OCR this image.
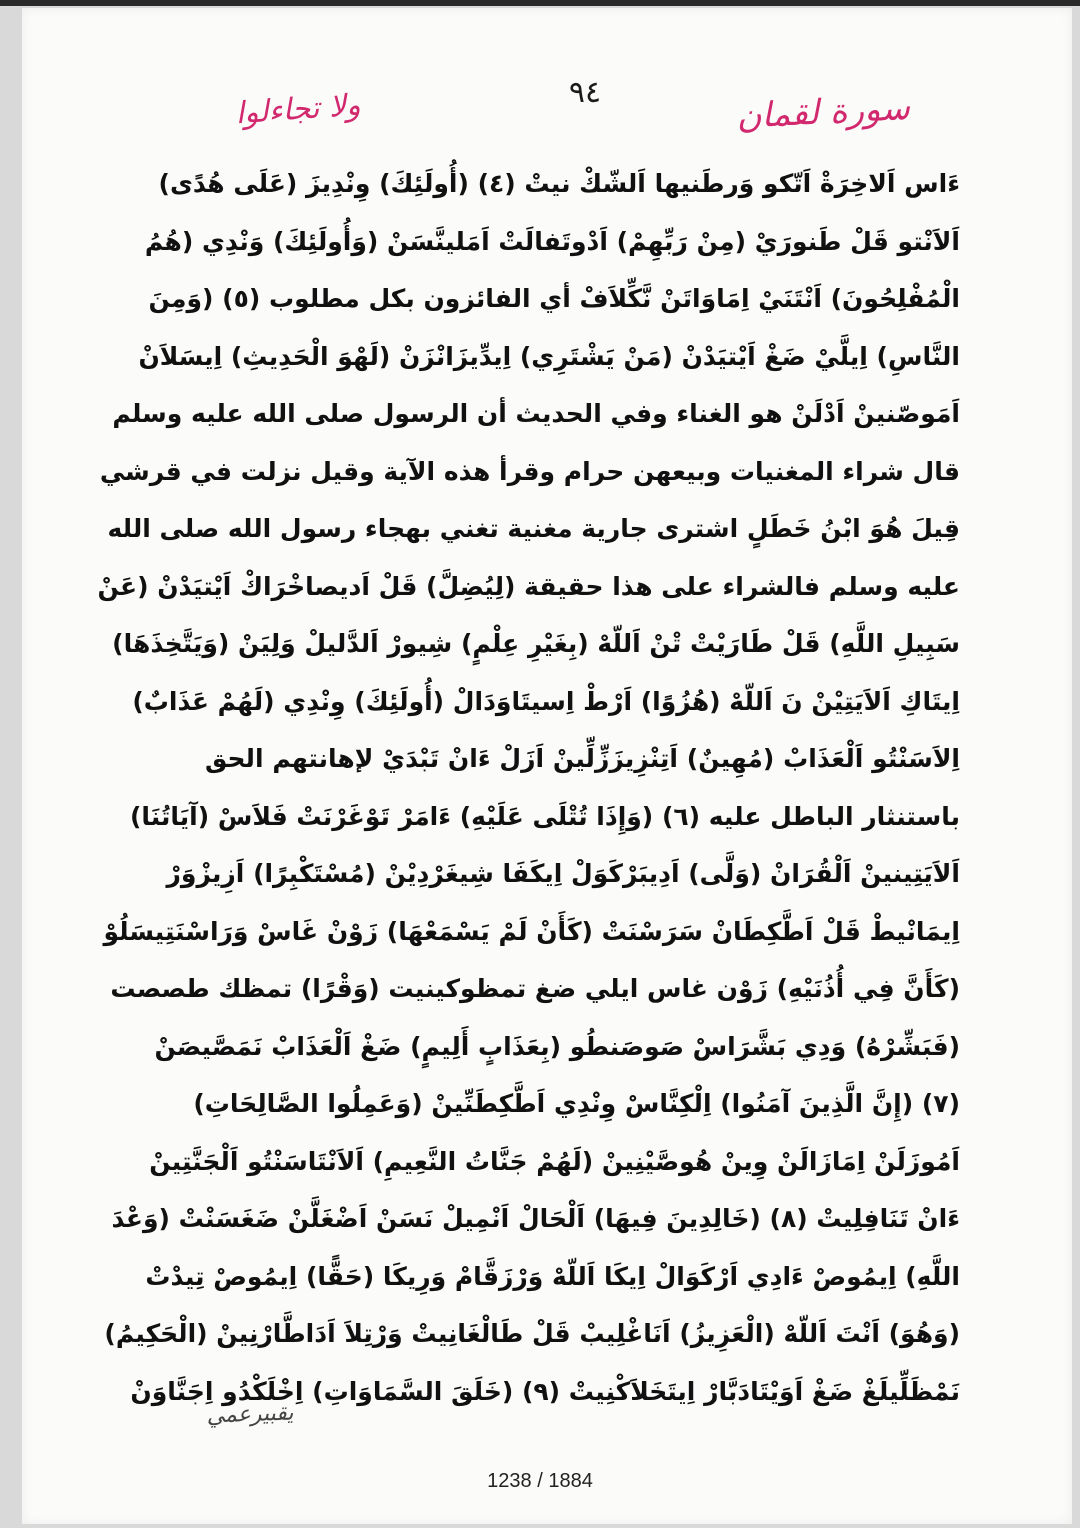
٩٤	سورة لقمان
ولا تجاءلوا
ءَاس اَلاخِرَةْ اَتّكو وَرطَنيها اَلشّكْ نيتْ (٤) (أُولَئِكَ) وِنْدِيزَ (عَلَى هُدًى)
اَلاَنْتو قَلْ طَنورَيْ (مِنْ رَبِّهِمْ) اَدْوتَفالَتْ اَمَلينَّسَنْ (وَأُولَئِكَ) وَنْدِي (هُمُ
الْمُفْلِحُونَ) اَنْتَنَيْ اِمَاوَاتَنْ نَّكِّلاَفْ أي الفائزون بكل مطلوب (٥) (وَمِنَ
النَّاسِ) اِيلَّيْ ضَغْ اَيْتيَدْنْ (مَنْ يَشْتَرِي) اِيدِّيزَانْزَنْ (لَهْوَ الْحَدِيثِ) اِيسَلاَنْ
اَمَوصّنينْ اَدْلَنْ هو الغناء وفي الحديث أن الرسول صلى الله عليه وسلم
قال شراء المغنيات وبيعهن حرام وقرأ هذه الآية وقيل نزلت في قرشي
قِيلَ هُوَ ابْنُ خَطَلٍ اشترى جارية مغنية تغني بهجاء رسول الله صلى الله
عليه وسلم فالشراء على هذا حقيقة (لِيُضِلَّ) قَلْ اَديصاخْرَاكْ اَيْتيَدْنْ (عَنْ
سَبِيلِ اللَّهِ) قَلْ طَارَيْتْ تْنْ اَللّهْ (بِغَيْرِ عِلْمٍ) شِيورْ اَلدَّليلْ وَلِيَنْ (وَيَتَّخِذَهَا)
اِيتَاكِ اَلاَيَتِيْنْ نَ اَللّهْ (هُزُوًا) اَرْطْ اِسيتَاوَدَالْ (أُولَئِكَ) وِنْدِي (لَهُمْ عَذَابٌ)
اِلاَسَنْتُو اَلْعَذَابْ (مُهِينٌ) اَتِنْزِيزَزِّلِّينْ اَزَلْ ءَانْ تَبْدَيْ لإهانتهم الحق
باستنثار الباطل عليه (٦) (وَإِذَا تُتْلَى عَلَيْهِ) ءَامَرْ تَوْغَرْنَتْ فَلاَسْ (آيَاتُنَا)
اَلاَيَتِينينْ اَلْقُرَانْ (وَلَّى) اَدِيبَرْكَوَلْ اِيكَفَا شِيغَرْدِيْنْ (مُسْتَكْبِرًا) اَزِيزْوَرْ
اِيمَانْيطْ قَلْ اَطَّكِطَانْ سَرَسْنَتْ (كَأَنْ لَمْ يَسْمَعْهَا) زَوْنْ غَاسْ وَرَاسْنَتِيسَلُوْ
(كَأَنَّ فِي أُذُنَيْهِ) زَوْن غاس ايلي ضغ تمظوكينيت (وَقْرًا) تمظك طصصت
(فَبَشِّرْهُ) وَدِي بَشَّرَاسْ صَوصَنطُو (بِعَذَابٍ أَلِيمٍ) ضَغْ اَلْعَذَابْ نَمَصَّيصَنْ
(٧) (إِنَّ الَّذِينَ آمَنُوا) اِلْكِنَّاسْ وِنْدِي اَطَّكِطَنِّينْ (وَعَمِلُوا الصَّالِحَاتِ)
اَمُوزَلَنْ اِمَازَالَنْ وِينْ هُوصَّيْنِينْ (لَهُمْ جَنَّاتُ النَّعِيمِ) اَلاَنْتَاسَنْتُو اَلْجَنَّتِينْ
ءَانْ تَنَافِلِيتْ (٨) (خَالِدِينَ فِيهَا) اَلْحَالْ اَنْمِيلْ نَسَنْ اَضْغَلَّنْ ضَغَسَنْتْ (وَعْدَ
اللَّهِ) اِيمُوصْ ءَادِي اَرْكَوَالْ اِيكَا اَللّهْ وَرْزَقَّامْ وَرِيكَا (حَقًّا) اِيمُوصْ تِيدْتْ
(وَهُوَ) اَنْتَ اَللّهْ (الْعَزِيزُ) اَنَاغْلِيبْ قَلْ طَالْغَانِيتْ وَرْتِلاَ اَدَاطَّارْنِينْ (الْحَكِيمُ)
نَمْظَلِّيلَغْ ضَغْ اَوَيْتَادَبَّارْ اِيتَخَلاَكْنِيتْ (٩) (خَلَقَ السَّمَاوَاتِ) اِخْلَكْدُو اِجَنَّاوَنْ
يقبيرعمي
1238 / 1884
